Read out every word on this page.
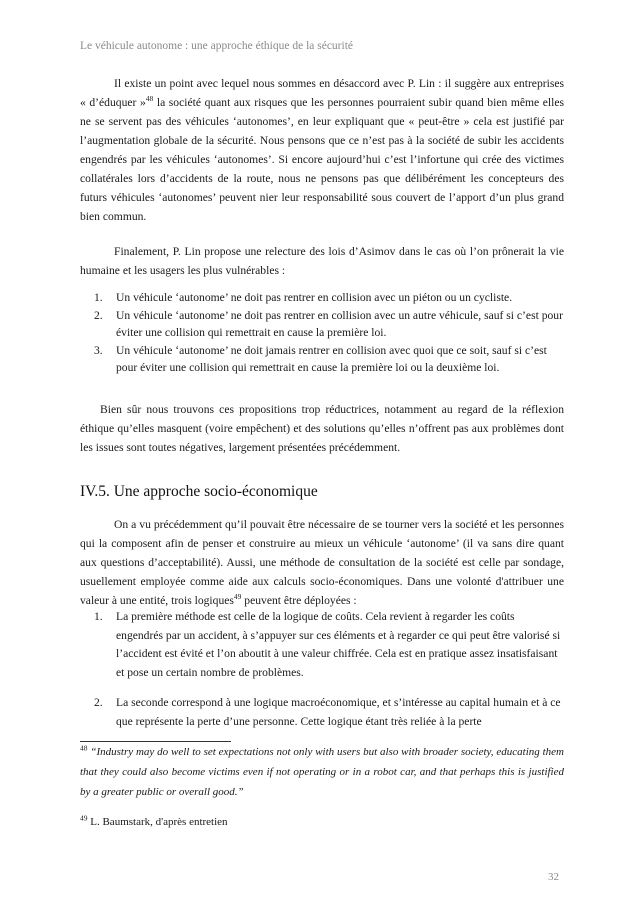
Le véhicule autonome : une approche éthique de la sécurité

Il existe un point avec lequel nous sommes en désaccord avec P. Lin : il suggère aux entreprises « d’éduquer »$^{48}$ la société quant aux risques que les personnes pourraient subir quand bien même elles ne se servent pas des véhicules ‘autonomes’, en leur expliquant que « peut-être » cela est justifié par l’augmentation globale de la sécurité. Nous pensons que ce n’est pas à la société de subir les accidents engendrés par les véhicules ‘autonomes’. Si encore aujourd’hui c’est l’infortune qui crée des victimes collatérales lors d’accidents de la route, nous ne pensons pas que délibérément les concepteurs des futurs véhicules ‘autonomes’ peuvent nier leur responsabilité sous couvert de l’apport d’un plus grand bien commun.

Finalement, P. Lin propose une relecture des lois d’Asimov dans le cas où l’on prônerait la vie humaine et les usagers les plus vulnérables :

1. Un véhicule ‘autonome’ ne doit pas rentrer en collision avec un piéton ou un cycliste.
2. Un véhicule ‘autonome’ ne doit pas rentrer en collision avec un autre véhicule, sauf si c’est pour éviter une collision qui remettrait en cause la première loi.
3. Un véhicule ‘autonome’ ne doit jamais rentrer en collision avec quoi que ce soit, sauf si c’est pour éviter une collision qui remettrait en cause la première loi ou la deuxième loi.

Bien sûr nous trouvons ces propositions trop réductrices, notamment au regard de la réflexion éthique qu’elles masquent (voire empêchent) et des solutions qu’elles n’offrent pas aux problèmes dont les issues sont toutes négatives, largement présentées précédemment.

IV.5. Une approche socio-économique

On a vu précédemment qu’il pouvait être nécessaire de se tourner vers la société et les personnes qui la composent afin de penser et construire au mieux un véhicule ‘autonome’ (il va sans dire quant aux questions d’acceptabilité). Aussi, une méthode de consultation de la société est celle par sondage, usuellement employée comme aide aux calculs socio-économiques. Dans une volonté d'attribuer une valeur à une entité, trois logiques$^{49}$ peuvent être déployées :

1. La première méthode est celle de la logique de coûts. Cela revient à regarder les coûts engendrés par un accident, à s’appuyer sur ces éléments et à regarder ce qui peut être valorisé si l’accident est évité et l’on aboutit à une valeur chiffrée. Cela est en pratique assez insatisfaisant et pose un certain nombre de problèmes.
2. La seconde correspond à une logique macroéconomique, et s’intéresse au capital humain et à ce que représente la perte d’une personne. Cette logique étant très reliée à la perte
$^{48}$ “Industry may do well to set expectations not only with users but also with broader society, educating them that they could also become victims even if not operating or in a robot car, and that perhaps this is justified by a greater public or overall good.”
$^{49}$ L. Baumstark, d'après entretien
32
